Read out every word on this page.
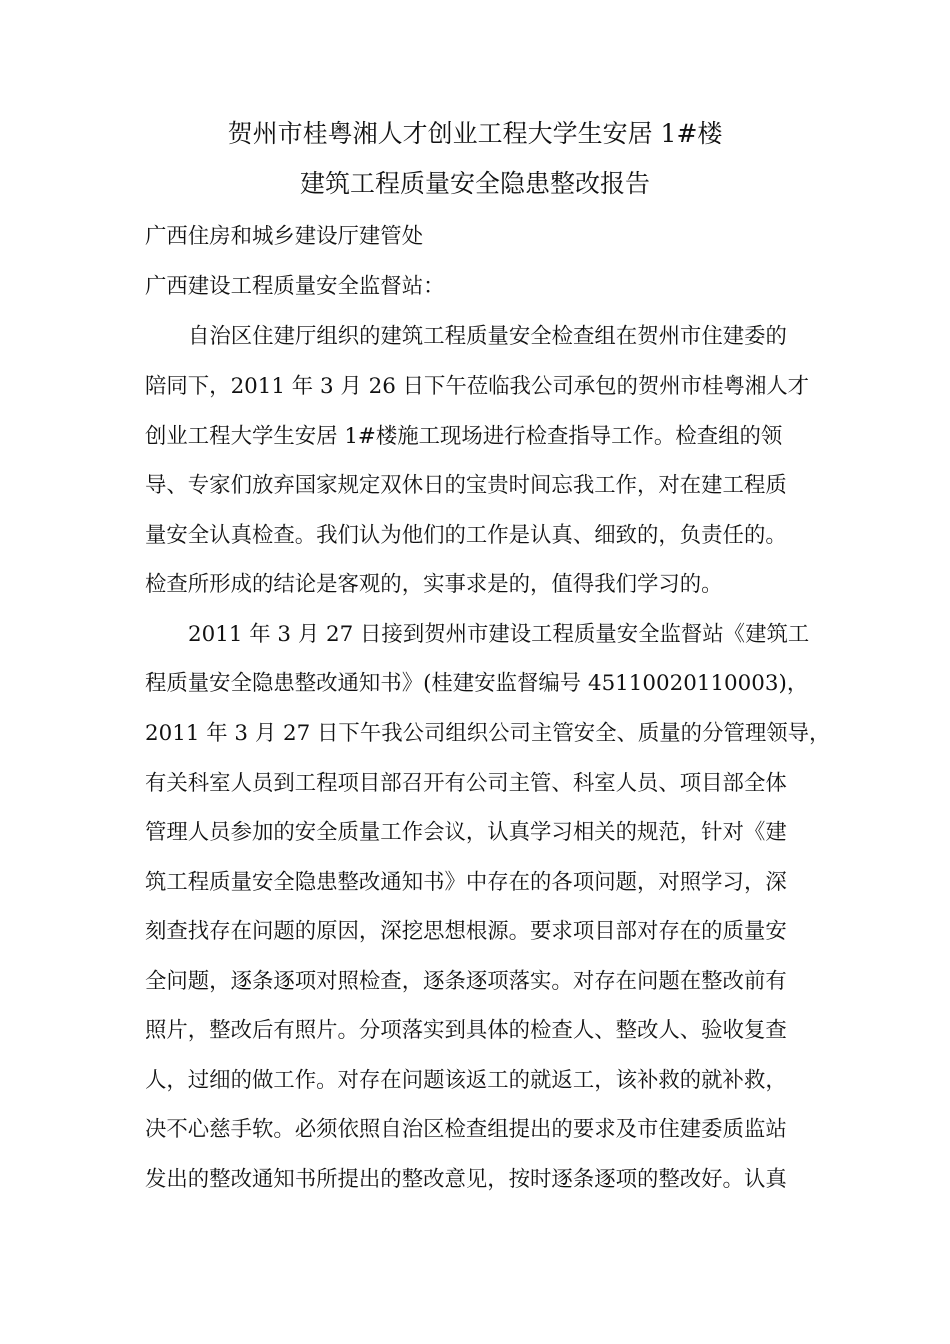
贺州市桂粤湘人才创业工程大学生安居 1#楼
建筑工程质量安全隐患整改报告
广西住房和城乡建设厅建管处
广西建设工程质量安全监督站：
自治区住建厅组织的建筑工程质量安全检查组在贺州市住建委的
陪同下，2011 年 3 月 26 日下午莅临我公司承包的贺州市桂粤湘人才
创业工程大学生安居 1#楼施工现场进行检查指导工作。检查组的领
导、专家们放弃国家规定双休日的宝贵时间忘我工作，对在建工程质
量安全认真检查。我们认为他们的工作是认真、细致的，负责任的。
检查所形成的结论是客观的，实事求是的，值得我们学习的。
2011 年 3 月 27 日接到贺州市建设工程质量安全监督站《建筑工
程质量安全隐患整改通知书》(桂建安监督编号 45110020110003)，
2011 年 3 月 27 日下午我公司组织公司主管安全、质量的分管理领导，
有关科室人员到工程项目部召开有公司主管、科室人员、项目部全体
管理人员参加的安全质量工作会议，认真学习相关的规范，针对《建
筑工程质量安全隐患整改通知书》中存在的各项问题，对照学习，深
刻查找存在问题的原因，深挖思想根源。要求项目部对存在的质量安
全问题，逐条逐项对照检查，逐条逐项落实。对存在问题在整改前有
照片，整改后有照片。分项落实到具体的检查人、整改人、验收复查
人，过细的做工作。对存在问题该返工的就返工，该补救的就补救，
决不心慈手软。必须依照自治区检查组提出的要求及市住建委质监站
发出的整改通知书所提出的整改意见，按时逐条逐项的整改好。认真
